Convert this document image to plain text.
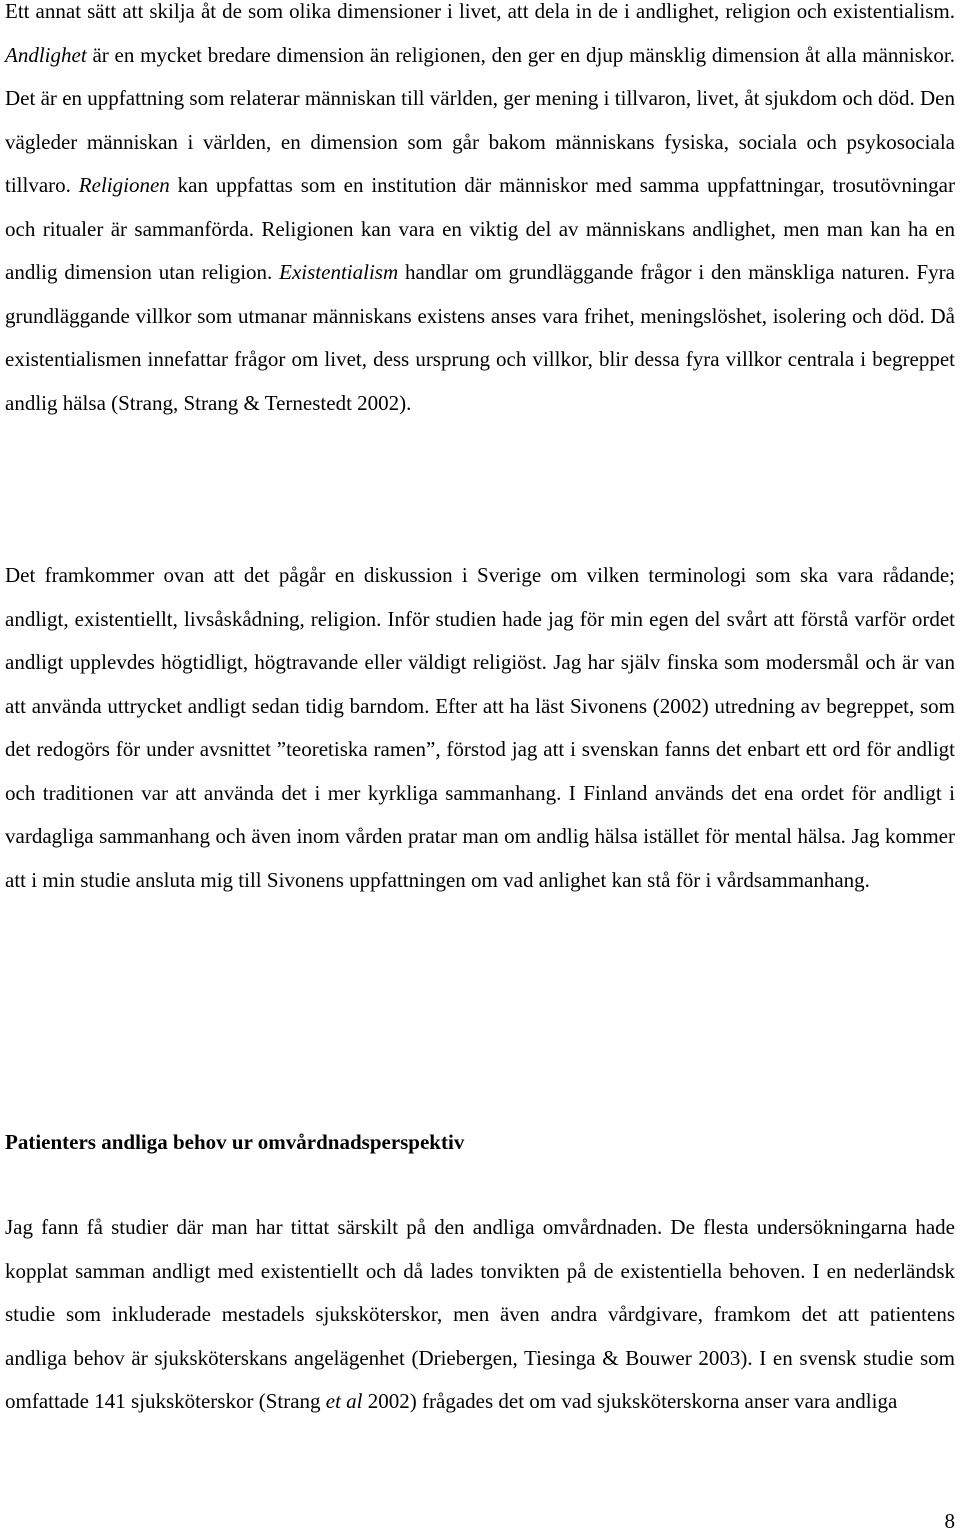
Ett annat sätt att skilja åt de som olika dimensioner i livet, att dela in de i andlighet, religion och existentialism. Andlighet är en mycket bredare dimension än religionen, den ger en djup mänsklig dimension åt alla människor. Det är en uppfattning som relaterar människan till världen, ger mening i tillvaron, livet, åt sjukdom och död. Den vägleder människan i världen, en dimension som går bakom människans fysiska, sociala och psykosociala tillvaro. Religionen kan uppfattas som en institution där människor med samma uppfattningar, trosutövningar och ritualer är sammanförda. Religionen kan vara en viktig del av människans andlighet, men man kan ha en andlig dimension utan religion. Existentialism handlar om grundläggande frågor i den mänskliga naturen. Fyra grundläggande villkor som utmanar människans existens anses vara frihet, meningslöshet, isolering och död. Då existentialismen innefattar frågor om livet, dess ursprung och villkor, blir dessa fyra villkor centrala i begreppet andlig hälsa (Strang, Strang & Ternestedt 2002).

Det framkommer ovan att det pågår en diskussion i Sverige om vilken terminologi som ska vara rådande; andligt, existentiellt, livsåskådning, religion. Inför studien hade jag för min egen del svårt att förstå varför ordet andligt upplevdes högtidligt, högtravande eller väldigt religiöst. Jag har själv finska som modersmål och är van att använda uttrycket andligt sedan tidig barndom. Efter att ha läst Sivonens (2002) utredning av begreppet, som det redogörs för under avsnittet ”teoretiska ramen”, förstod jag att i svenskan fanns det enbart ett ord för andligt och traditionen var att använda det i mer kyrkliga sammanhang. I Finland används det ena ordet för andligt i vardagliga sammanhang och även inom vården pratar man om andlig hälsa istället för mental hälsa. Jag kommer att i min studie ansluta mig till Sivonens uppfattningen om vad anlighet kan stå för i vårdsammanhang.

Patienters andliga behov ur omvårdnadsperspektiv

Jag fann få studier där man har tittat särskilt på den andliga omvårdnaden. De flesta undersökningarna hade kopplat samman andligt med existentiellt och då lades tonvikten på de existentiella behoven. I en nederländsk studie som inkluderade mestadels sjuksköterskor, men även andra vårdgivare, framkom det att patientens andliga behov är sjuksköterskans angelägenhet (Driebergen, Tiesinga & Bouwer 2003). I en svensk studie som omfattade 141 sjuksköterskor (Strang et al 2002) frågades det om vad sjuksköterskorna anser vara andliga

8
